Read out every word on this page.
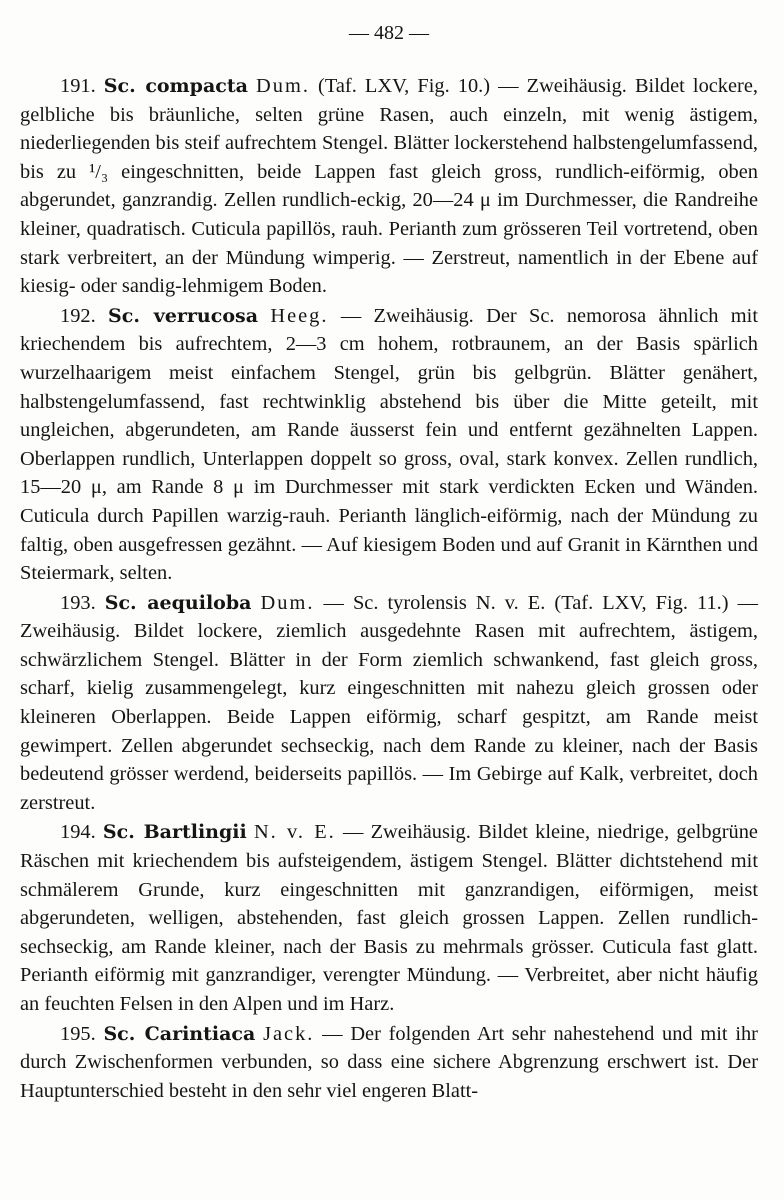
— 482 —

191. Sc. compacta Dum. (Taf. LXV, Fig. 10.) — Zweihäusig. Bildet lockere, gelbliche bis bräunliche, selten grüne Rasen, auch einzeln, mit wenig ästigem, niederliegenden bis steif aufrechtem Stengel. Blätter lockerstehend halbstengelumfassend, bis zu ¹/₃ eingeschnitten, beide Lappen fast gleich gross, rundlich-eiförmig, oben abgerundet, ganzrandig. Zellen rundlich-eckig, 20—24 μ im Durchmesser, die Randreihe kleiner, quadratisch. Cuticula papillös, rauh. Perianth zum grösseren Teil vortretend, oben stark verbreitert, an der Mündung wimperig. — Zerstreut, namentlich in der Ebene auf kiesig- oder sandig-lehmigem Boden.

192. Sc. verrucosa Heeg. — Zweihäusig. Der Sc. nemorosa ähnlich mit kriechendem bis aufrechtem, 2—3 cm hohem, rotbraunem, an der Basis spärlich wurzelhaarigem meist einfachem Stengel, grün bis gelbgrün. Blätter genähert, halbstengelumfassend, fast rechtwinklig abstehend bis über die Mitte geteilt, mit ungleichen, abgerundeten, am Rande äusserst fein und entfernt gezähnelten Lappen. Oberlappen rundlich, Unterlappen doppelt so gross, oval, stark konvex. Zellen rundlich, 15—20 μ, am Rande 8 μ im Durchmesser mit stark verdickten Ecken und Wänden. Cuticula durch Papillen warzig-rauh. Perianth länglich-eiförmig, nach der Mündung zu faltig, oben ausgefressen gezähnt. — Auf kiesigem Boden und auf Granit in Kärnthen und Steiermark, selten.

193. Sc. aequiloba Dum. — Sc. tyrolensis N. v. E. (Taf. LXV, Fig. 11.) — Zweihäusig. Bildet lockere, ziemlich ausgedehnte Rasen mit aufrechtem, ästigem, schwärzlichem Stengel. Blätter in der Form ziemlich schwankend, fast gleich gross, scharf, kielig zusammengelegt, kurz eingeschnitten mit nahezu gleich grossen oder kleineren Oberlappen. Beide Lappen eiförmig, scharf gespitzt, am Rande meist gewimpert. Zellen abgerundet sechseckig, nach dem Rande zu kleiner, nach der Basis bedeutend grösser werdend, beiderseits papillös. — Im Gebirge auf Kalk, verbreitet, doch zerstreut.

194. Sc. Bartlingii N. v. E. — Zweihäusig. Bildet kleine, niedrige, gelbgrüne Räschen mit kriechendem bis aufsteigendem, ästigem Stengel. Blätter dichtstehend mit schmälerem Grunde, kurz eingeschnitten mit ganzrandigen, eiförmigen, meist abgerundeten, welligen, abstehenden, fast gleich grossen Lappen. Zellen rundlich-sechseckig, am Rande kleiner, nach der Basis zu mehrmals grösser. Cuticula fast glatt. Perianth eiförmig mit ganzrandiger, verengter Mündung. — Verbreitet, aber nicht häufig an feuchten Felsen in den Alpen und im Harz.

195. Sc. Carintiaca Jack. — Der folgenden Art sehr nahestehend und mit ihr durch Zwischenformen verbunden, so dass eine sichere Abgrenzung erschwert ist. Der Hauptunterschied besteht in den sehr viel engeren Blatt-
